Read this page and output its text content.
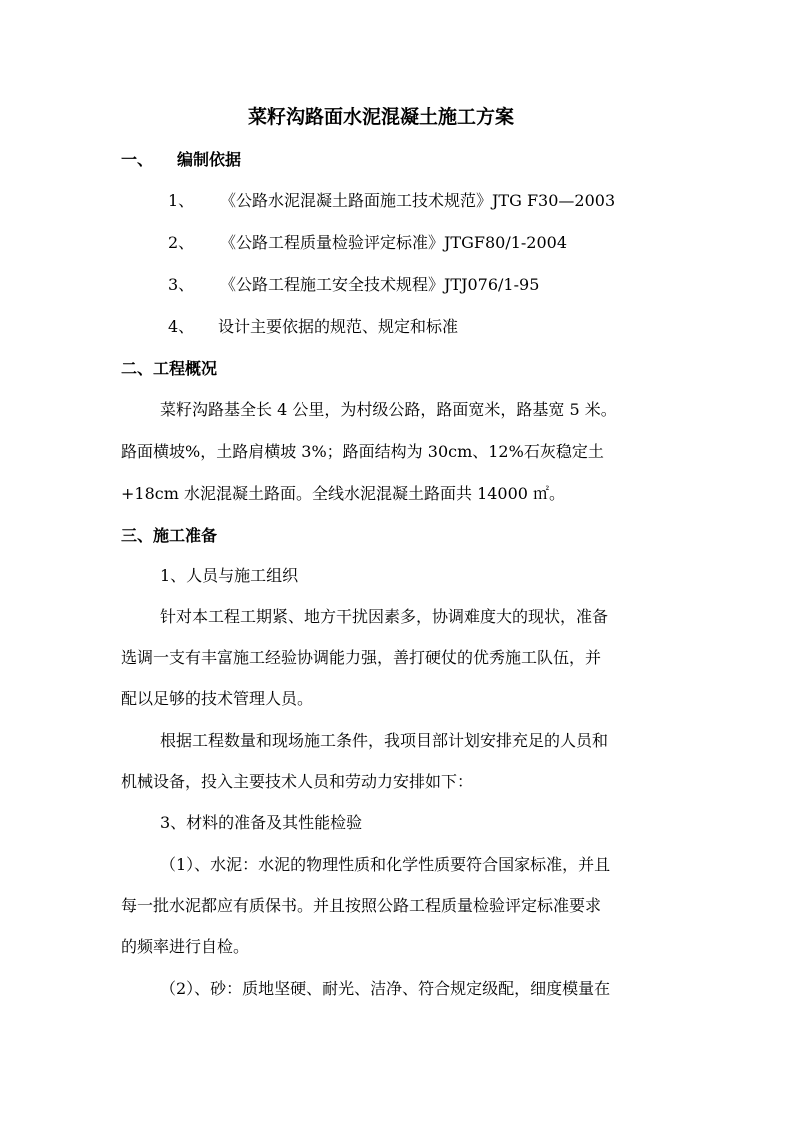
菜籽沟路面水泥混凝土施工方案
一、 编制依据
1、 《公路水泥混凝土路面施工技术规范》JTG F30—2003
2、 《公路工程质量检验评定标准》JTGF80/1-2004
3、 《公路工程施工安全技术规程》JTJ076/1-95
4、 设计主要依据的规范、规定和标准
二、工程概况
菜籽沟路基全长 4 公里，为村级公路，路面宽米，路基宽 5 米。
路面横坡%，土路肩横坡 3%；路面结构为 30cm、12%石灰稳定土
+18cm 水泥混凝土路面。全线水泥混凝土路面共 14000 ㎡。
三、施工准备
1、人员与施工组织
针对本工程工期紧、地方干扰因素多，协调难度大的现状，准备
选调一支有丰富施工经验协调能力强，善打硬仗的优秀施工队伍，并
配以足够的技术管理人员。
根据工程数量和现场施工条件，我项目部计划安排充足的人员和
机械设备，投入主要技术人员和劳动力安排如下：
3、材料的准备及其性能检验
（1）、水泥：水泥的物理性质和化学性质要符合国家标准，并且
每一批水泥都应有质保书。并且按照公路工程质量检验评定标准要求
的频率进行自检。
（2）、砂：质地坚硬、耐光、洁净、符合规定级配，细度模量在
